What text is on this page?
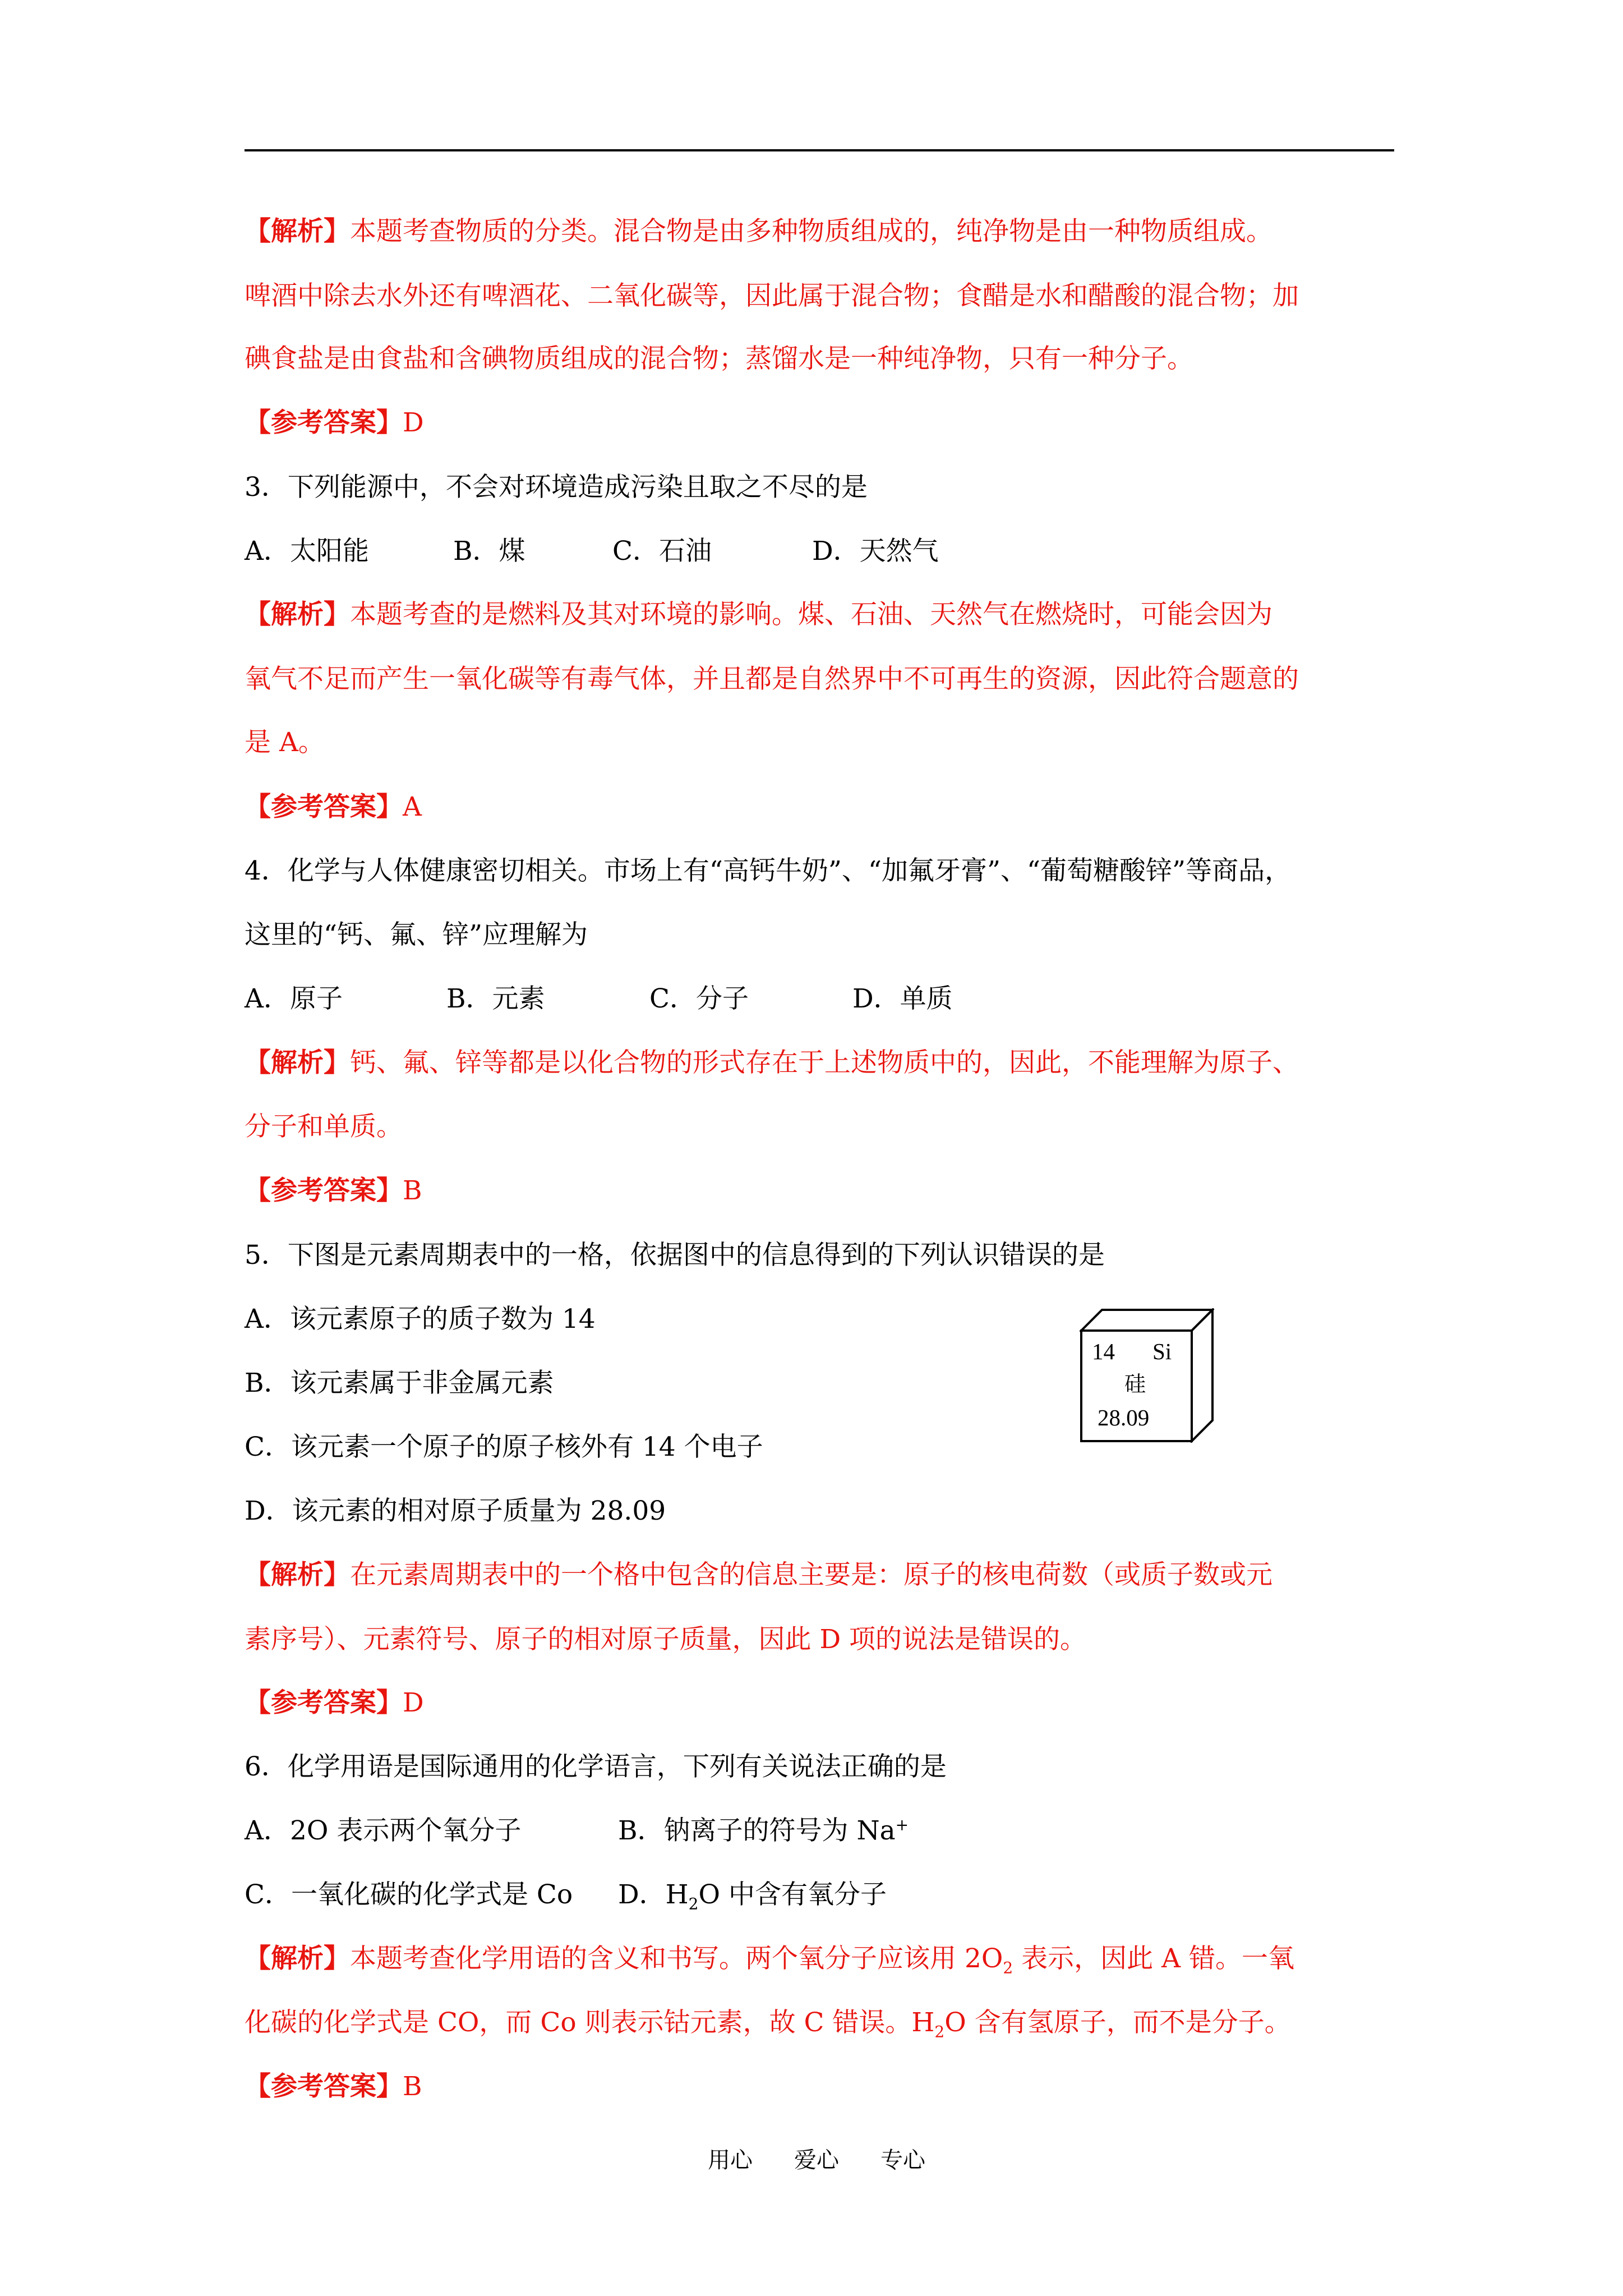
【解析】本题考查物质的分类。混合物是由多种物质组成的，纯净物是由一种物质组成。
啤酒中除去水外还有啤酒花、二氧化碳等，因此属于混合物；食醋是水和醋酸的混合物；加
碘食盐是由食盐和含碘物质组成的混合物；蒸馏水是一种纯净物，只有一种分子。
【参考答案】D
3．下列能源中，不会对环境造成污染且取之不尽的是
A．太阳能	B．煤	C．石油	D．天然气
【解析】本题考查的是燃料及其对环境的影响。煤、石油、天然气在燃烧时，可能会因为
氧气不足而产生一氧化碳等有毒气体，并且都是自然界中不可再生的资源，因此符合题意的
是 A。
【参考答案】A
4．化学与人体健康密切相关。市场上有“高钙牛奶”、“加氟牙膏”、“葡萄糖酸锌”等商品，
这里的“钙、氟、锌”应理解为
A．原子	B．元素	C．分子	D．单质
【解析】钙、氟、锌等都是以化合物的形式存在于上述物质中的，因此，不能理解为原子、
分子和单质。
【参考答案】B
5．下图是元素周期表中的一格，依据图中的信息得到的下列认识错误的是
A．该元素原子的质子数为 14
B．该元素属于非金属元素
C．该元素一个原子的原子核外有 14 个电子
D．该元素的相对原子质量为 28.09
14 Si
硅
28.09
【解析】在元素周期表中的一个格中包含的信息主要是：原子的核电荷数（或质子数或元
素序号）、元素符号、原子的相对原子质量，因此 D 项的说法是错误的。
【参考答案】D
6．化学用语是国际通用的化学语言，下列有关说法正确的是
A．2O 表示两个氧分子	B．钠离子的符号为 Na+
C．一氧化碳的化学式是 Co D．$H_2O$ 中含有氧分子
【解析】本题考查化学用语的含义和书写。两个氧分子应该用 $2O_2$ 表示，因此 A 错。一氧
化碳的化学式是 CO，而 Co 则表示钴元素，故 C 错误。$H_2O$ 含有氢原子，而不是分子。
【参考答案】B
用心 爱心 专心
